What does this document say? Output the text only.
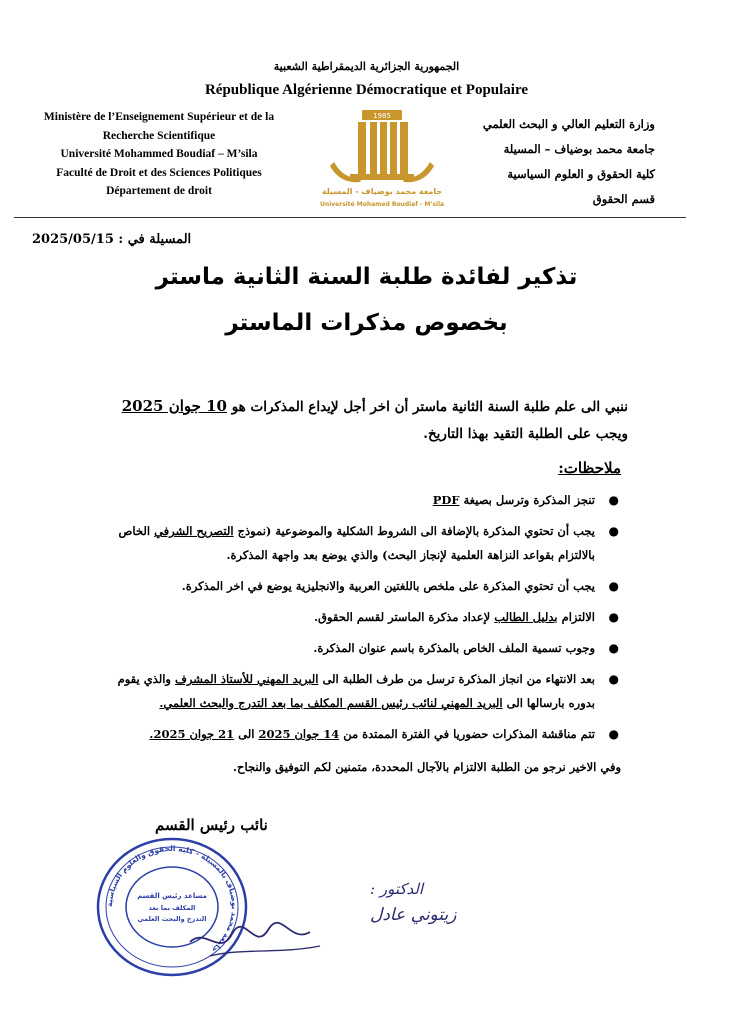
الجمهورية الجزائرية الديمقراطية الشعبية
République Algérienne Démocratique et Populaire
Ministère de l’Enseignement Supérieur et de la
Recherche Scientifique
Université Mohammed Boudiaf – M’sila
Faculté de Droit et des Sciences Politiques
Département de droit
1985
جامعة محمد بوضياف - المسيلة
Université Mohamed Boudiaf - M'sila
وزارة التعليم العالي و البحث العلمي
جامعة محمد بوضياف – المسيلة
كلية الحقوق و العلوم السياسية
قسم الحقوق
المسيلة في : 2025/05/15
تذكير لفائدة طلبة السنة الثانية ماستر
بخصوص مذكرات الماستر
ننبي الى علم طلبة السنة الثانية ماستر أن اخر أجل لإيداع المذكرات هو 10 جوان 2025
ويجب على الطلبة التقيد بهذا التاريخ.
ملاحظات:
●
تنجز المذكرة وترسل بصيغة PDF
●
يجب أن تحتوي المذكرة بالإضافة الى الشروط الشكلية والموضوعية (نموذج التصريح الشرفي الخاص بالالتزام بقواعد النزاهة العلمية لإنجاز البحث) والذي يوضع بعد واجهة المذكرة.
●
يجب أن تحتوي المذكرة على ملخص باللغتين العربية والانجليزية يوضع في اخر المذكرة.
●
الالتزام بدليل الطالب لإعداد مذكرة الماستر لقسم الحقوق.
●
وجوب تسمية الملف الخاص بالمذكرة باسم عنوان المذكرة.
●
بعد الانتهاء من انجاز المذكرة ترسل من طرف الطلبة الى البريد المهني للأستاذ المشرف والذي يقوم بدوره بارسالها الى البريد المهني لنائب رئيس القسم المكلف بما بعد التدرج والبحث العلمي.
●
تتم مناقشة المذكرات حضوريا في الفترة الممتدة من 14 جوان 2025 الى 21 جوان 2025.
وفي الاخير نرجو من الطلبة الالتزام بالآجال المحددة، متمنين لكم التوفيق والنجاح.
نائب رئيس القسم
جامعة محمد بوضياف بالمسيلة - كلية الحقوق والعلوم السياسية
مساعد رئيس القسم
المكلف بما بعد
التدرج والبحث العلمي
الدكتور :
زيتوني عادل
